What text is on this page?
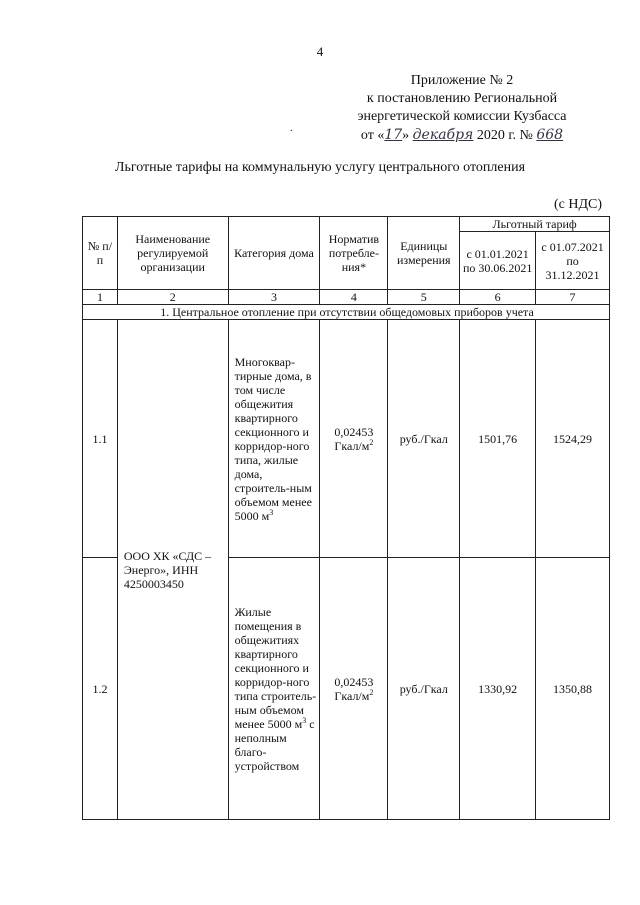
4
Приложение № 2
к постановлению Региональной
энергетической комиссии Кузбасса
от «17» декабря 2020 г. № 668
.
Льготные тарифы на коммунальную услугу центрального отопления
(с НДС)
№ п/п	Наименование регулируемой организации	Категория дома	Норматив потребле-ния*	Единицы измерения	Льготный тариф	
					с 01.01.2021 по 30.06.2021	с 01.07.2021 по 31.12.2021
1	2	3	4	5	6	7
1. Центральное отопление при отсутствии общедомовых приборов учета						
1.1	ООО ХК «СДС – Энерго», ИНН 4250003450	Многоквар-тирные дома, в том числе общежития квартирного секционного и корридор-ного типа, жилые дома, строитель-ным объемом менее 5000 $м^3$	0,02453 Гкал/$м^2$	руб./Гкал	1501,76	1524,29
1.2		Жилые помещения в общежитиях квартирного секционного и корридор-ного типа строитель-ным объемом менее 5000 $м^3$ с неполным благо-устройством	0,02453 Гкал/$м^2$	руб./Гкал	1330,92	1350,88
